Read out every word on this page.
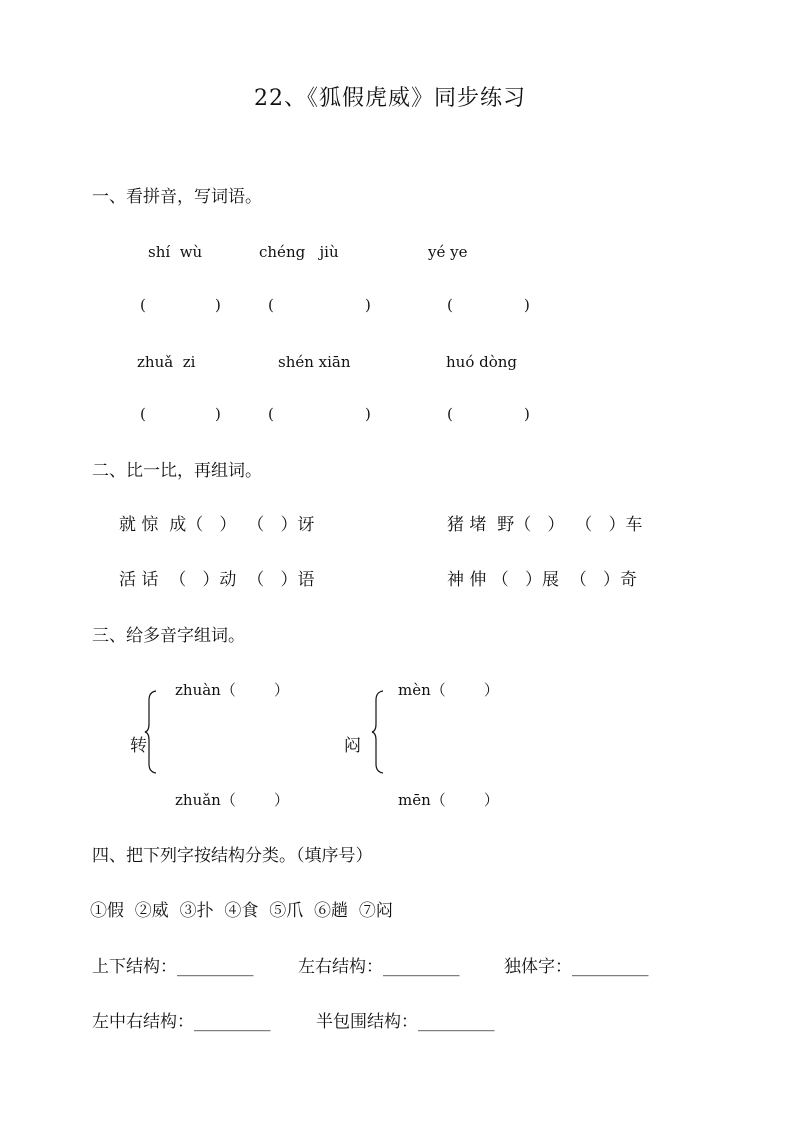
22、《狐假虎威》同步练习
一、看拼音，写词语。
shí  wù	chéng   jiù	yé ye
(	)	(	)	(	)
zhuǎ  zi	shén xiān	huó dòng
(	)	(	)	(	)
二、比一比，再组词。
就 惊  成（   ）  （   ）讶	猪 堵  野（   ）  （   ）车
活 话  （   ）动  （   ）语	神 伸 （   ）展  （   ）奇
三、给多音字组词。
zhuàn（        ）
转
zhuǎn（        ）
mèn（        ）
闷
mēn（        ）
四、把下列字按结构分类。（填序号）
①假  ②威  ③扑  ④食  ⑤爪  ⑥趟  ⑦闷
上下结构：_________	左右结构：_________	独体字：_________
左中右结构：_________	半包围结构：_________
